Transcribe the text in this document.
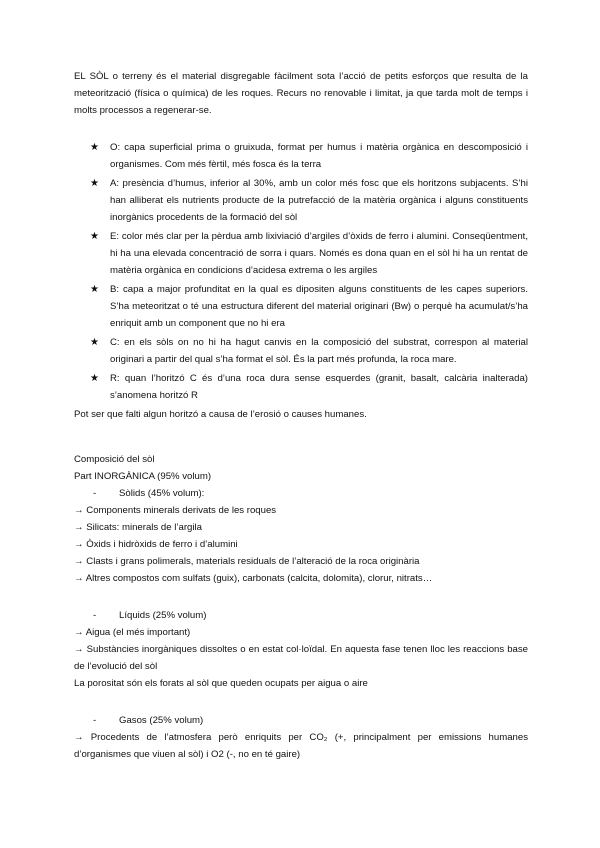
EL SÒL o terreny és el material disgregable fàcilment sota l’acció de petits esforços que resulta de la meteorització (física o química) de les roques. Recurs no renovable i limitat, ja que tarda molt de temps i molts processos a regenerar-se.

★ O: capa superficial prima o gruixuda, format per humus i matèria orgànica en descomposició i organismes. Com més fèrtil, més fosca és la terra
★ A: presència d’humus, inferior al 30%, amb un color més fosc que els horitzons subjacents. S’hi han alliberat els nutrients producte de la putrefacció de la matèria orgànica i alguns constituents inorgànics procedents de la formació del sòl
★ E: color més clar per la pèrdua amb lixiviació d’argiles d’òxids de ferro i alumini. Conseqüentment, hi ha una elevada concentració de sorra i quars. Només es dona quan en el sòl hi ha un rentat de matèria orgànica en condicions d’acidesa extrema o les argiles
★ B: capa a major profunditat en la qual es dipositen alguns constituents de les capes superiors. S’ha meteoritzat o té una estructura diferent del material originari (Bw) o perquè ha acumulat/s’ha enriquit amb un component que no hi era
★ C: en els sòls on no hi ha hagut canvis en la composició del substrat, correspon al material originari a partir del qual s’ha format el sòl. És la part més profunda, la roca mare.
★ R: quan l’horitzó C és d’una roca dura sense esquerdes (granit, basalt, calcària inalterada) s’anomena horitzó R

Pot ser que falti algun horitzó a causa de l’erosió o causes humanes.

Composició del sòl

Part INORGÀNICA (95% volum)

- Sòlids (45% volum):

→ Components minerals derivats de les roques

→ Silicats: minerals de l’argila

→ Òxids i hidròxids de ferro i d’alumini

→ Clasts i grans polimerals, materials residuals de l’alteració de la roca originària

→ Altres compostos com sulfats (guix), carbonats (calcita, dolomita), clorur, nitrats…

- Líquids (25% volum)

→ Aigua (el més important)

→ Substàncies inorgàniques dissoltes o en estat col·loïdal. En aquesta fase tenen lloc les reaccions base de l’evolució del sòl

La porositat són els forats al sòl que queden ocupats per aigua o aire

- Gasos (25% volum)

→ Procedents de l’atmosfera però enriquits per CO₂ (+, principalment per emissions humanes d’organismes que viuen al sòl) i O2 (-, no en té gaire)
